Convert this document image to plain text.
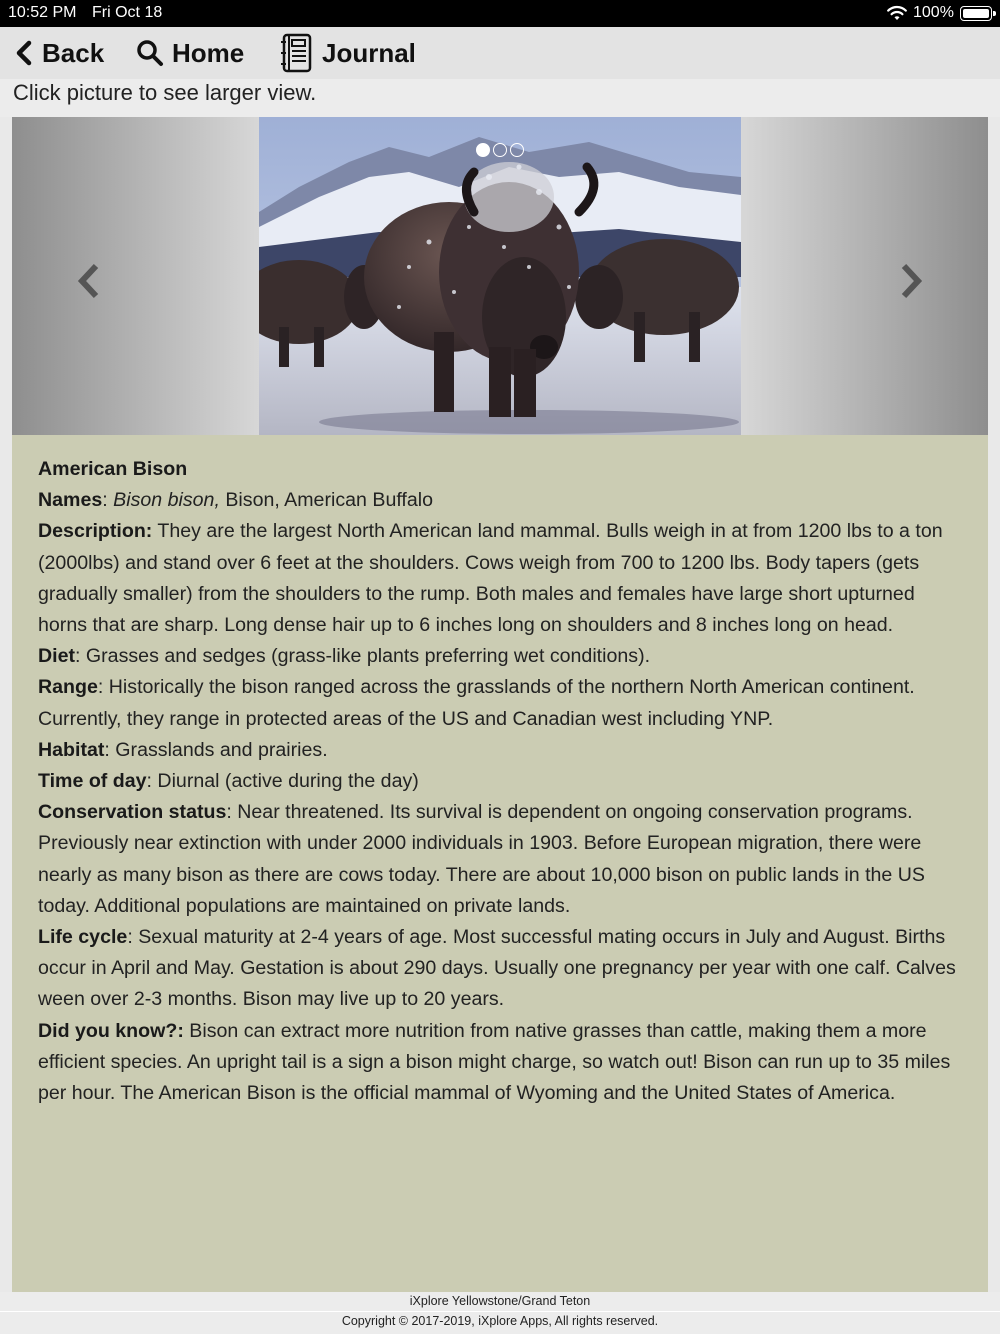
10:52 PM Fri Oct 18	100%
Back	Home	Journal
Click picture to see larger view.
American Bison
Names: Bison bison, Bison, American Buffalo
Description: They are the largest North American land mammal. Bulls weigh in at from 1200 lbs to a ton (2000lbs) and stand over 6 feet at the shoulders. Cows weigh from 700 to 1200 lbs. Body tapers (gets gradually smaller) from the shoulders to the rump. Both males and females have large short upturned horns that are sharp. Long dense hair up to 6 inches long on shoulders and 8 inches long on head.
Diet: Grasses and sedges (grass-like plants preferring wet conditions).
Range: Historically the bison ranged across the grasslands of the northern North American continent. Currently, they range in protected areas of the US and Canadian west including YNP.
Habitat: Grasslands and prairies.
Time of day: Diurnal (active during the day)
Conservation status: Near threatened. Its survival is dependent on ongoing conservation programs. Previously near extinction with under 2000 individuals in 1903. Before European migration, there were nearly as many bison as there are cows today. There are about 10,000 bison on public lands in the US today. Additional populations are maintained on private lands.
Life cycle: Sexual maturity at 2-4 years of age. Most successful mating occurs in July and August. Births occur in April and May. Gestation is about 290 days. Usually one pregnancy per year with one calf. Calves ween over 2-3 months. Bison may live up to 20 years.
Did you know?: Bison can extract more nutrition from native grasses than cattle, making them a more efficient species. An upright tail is a sign a bison might charge, so watch out! Bison can run up to 35 miles per hour. The American Bison is the official mammal of Wyoming and the United States of America.
iXplore Yellowstone/Grand Teton
Copyright © 2017-2019, iXplore Apps, All rights reserved.
